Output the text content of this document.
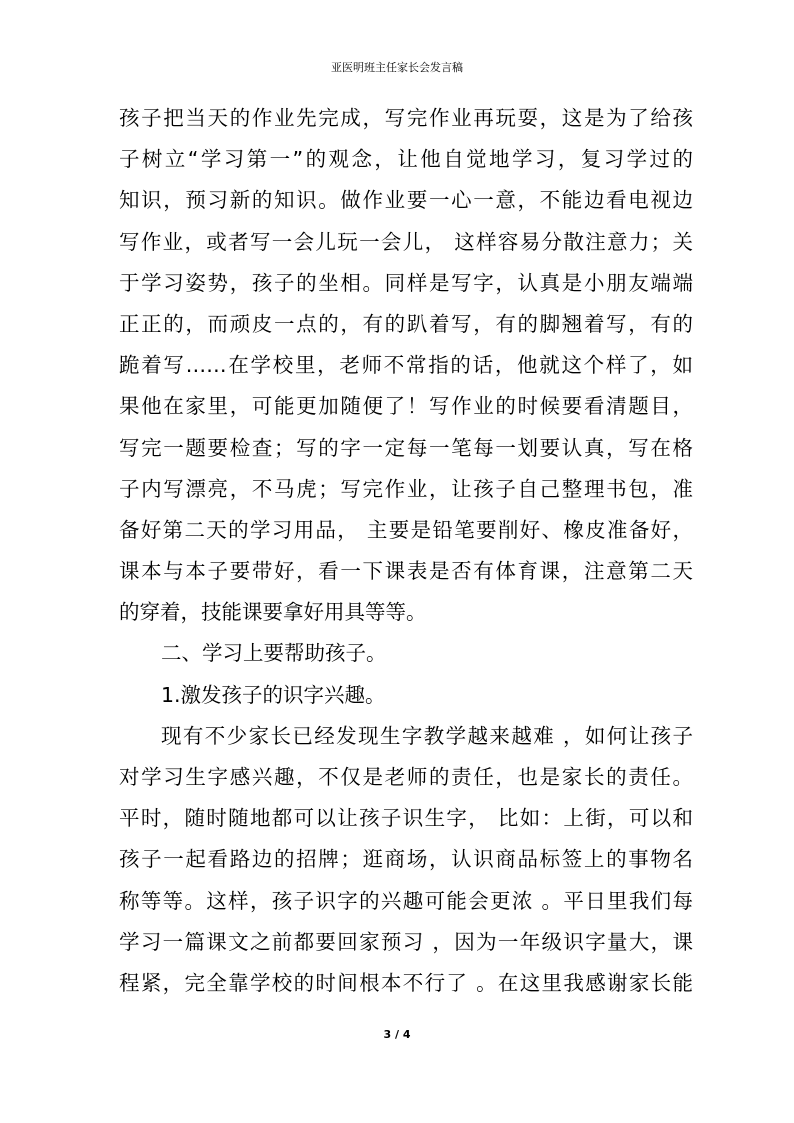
亚医明班主任家长会发言稿
孩子把当天的作业先完成，写完作业再玩耍，这是为了给孩
子树立“学习第一”的观念，让他自觉地学习，复习学过的
知识，预习新的知识。做作业要一心一意，不能边看电视边
写作业，或者写一会儿玩一会儿， 这样容易分散注意力；关
于学习姿势，孩子的坐相。同样是写字，认真是小朋友端端
正正的，而顽皮一点的，有的趴着写，有的脚翘着写，有的
跪着写……在学校里，老师不常指的话，他就这个样了，如
果他在家里，可能更加随便了！写作业的时候要看清题目，
写完一题要检查；写的字一定每一笔每一划要认真，写在格
子内写漂亮，不马虎；写完作业，让孩子自己整理书包，准
备好第二天的学习用品， 主要是铅笔要削好、橡皮准备好，
课本与本子要带好，看一下课表是否有体育课，注意第二天
的穿着，技能课要拿好用具等等。
二、学习上要帮助孩子。
1.激发孩子的识字兴趣。
现有不少家长已经发现生字教学越来越难 ，如何让孩子
对学习生字感兴趣，不仅是老师的责任，也是家长的责任。
平时，随时随地都可以让孩子识生字， 比如：上街，可以和
孩子一起看路边的招牌；逛商场，认识商品标签上的事物名
称等等。这样，孩子识字的兴趣可能会更浓 。平日里我们每
学习一篇课文之前都要回家预习 ，因为一年级识字量大，课
程紧，完全靠学校的时间根本不行了 。在这里我感谢家长能
3 / 4
